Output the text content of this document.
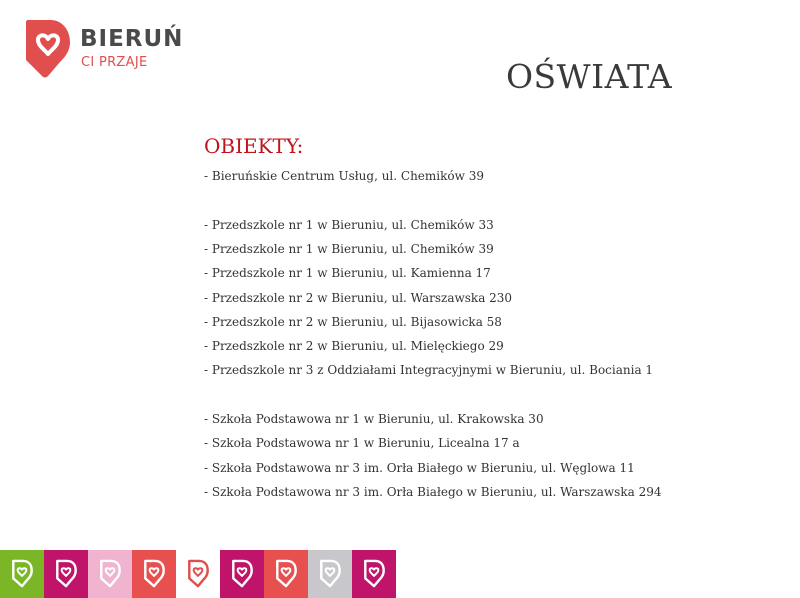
BIERUŃ
CI PRZAJE	OŚWIATA
OBIEKTY:
- Bieruńskie Centrum Usług, ul. Chemików 39
- Przedszkole nr 1 w Bieruniu, ul. Chemików 33
- Przedszkole nr 1 w Bieruniu, ul. Chemików 39
- Przedszkole nr 1 w Bieruniu, ul. Kamienna 17
- Przedszkole nr 2 w Bieruniu, ul. Warszawska 230
- Przedszkole nr 2 w Bieruniu, ul. Bijasowicka 58
- Przedszkole nr 2 w Bieruniu, ul. Mielęckiego 29
- Przedszkole nr 3 z Oddziałami Integracyjnymi w Bieruniu, ul. Bociania 1
- Szkoła Podstawowa nr 1 w Bieruniu, ul. Krakowska 30
- Szkoła Podstawowa nr 1 w Bieruniu, Licealna 17 a
- Szkoła Podstawowa nr 3 im. Orła Białego w Bieruniu, ul. Węglowa 11
- Szkoła Podstawowa nr 3 im. Orła Białego w Bieruniu, ul. Warszawska 294
